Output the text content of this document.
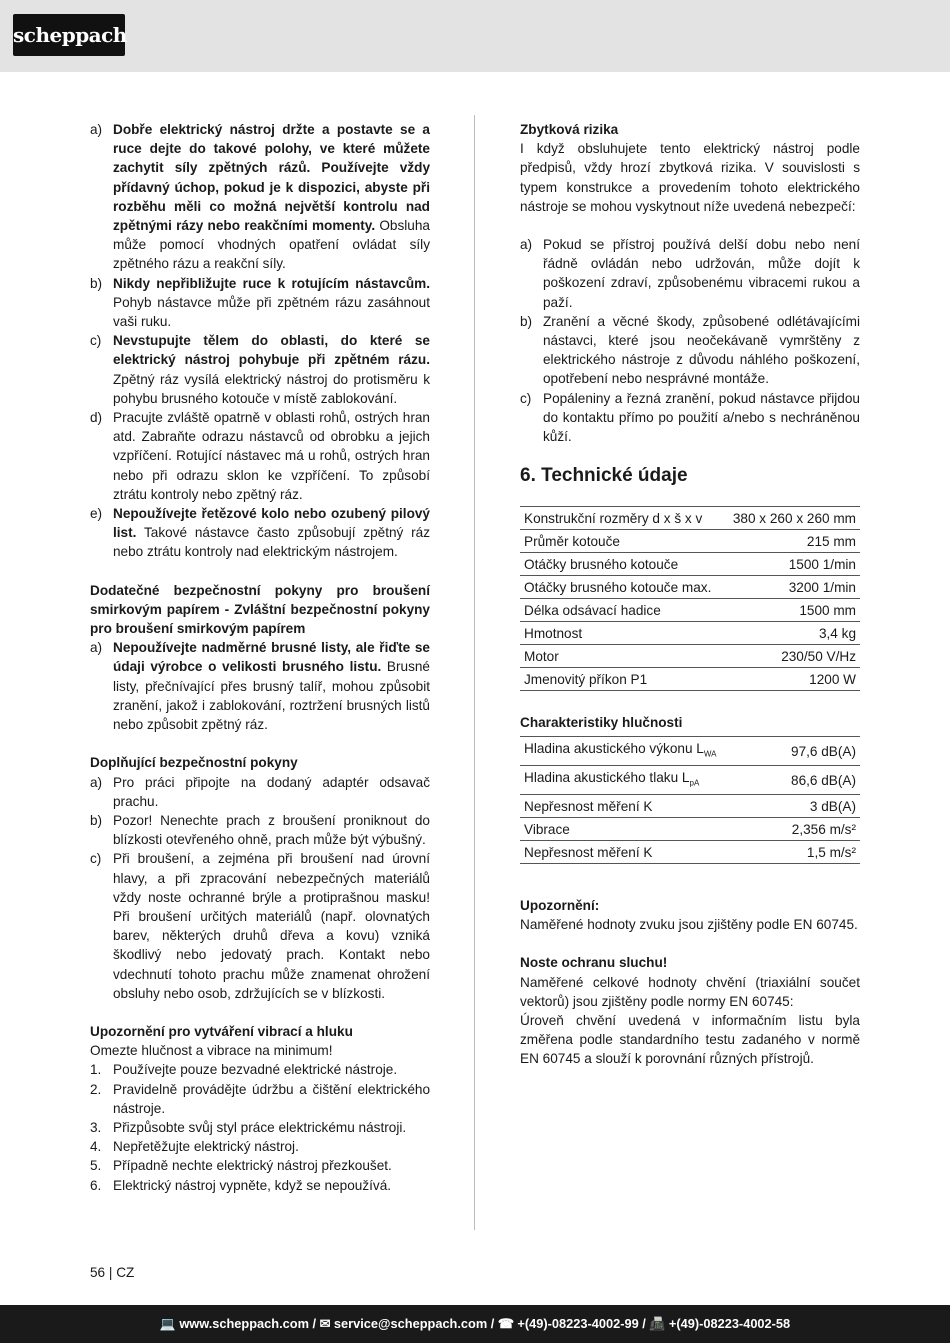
scheppach
a) Dobře elektrický nástroj držte a postavte se a ruce dejte do takové polohy, ve které můžete zachytit síly zpětných rázů. Používejte vždy přídavný úchop, pokud je k dispozici, abyste při rozběhu měli co možná největší kontrolu nad zpětnými rázy nebo reakčními momenty. Obsluha může pomocí vhodných opatření ovládat síly zpětného rázu a reakční síly.
b) Nikdy nepřibližujte ruce k rotujícím nástavcům. Pohyb nástavce může při zpětném rázu zasáhnout vaši ruku.
c) Nevstupujte tělem do oblasti, do které se elektrický nástroj pohybuje při zpětném rázu. Zpětný ráz vysílá elektrický nástroj do protisměru k pohybu brusného kotouče v místě zablokování.
d) Pracujte zvláště opatrně v oblasti rohů, ostrých hran atd. Zabraňte odrazu nástavců od obrobku a jejich vzpříčení. Rotující nástavec má u rohů, ostrých hran nebo při odrazu sklon ke vzpříčení. To způsobí ztrátu kontroly nebo zpětný ráz.
e) Nepoužívejte řetězové kolo nebo ozubený pilový list. Takové nástavce často způsobují zpětný ráz nebo ztrátu kontroly nad elektrickým nástrojem.
Dodatečné bezpečnostní pokyny pro broušení smirkovým papírem - Zvláštní bezpečnostní pokyny pro broušení smirkovým papírem
a) Nepoužívejte nadměrné brusné listy, ale řiďte se údaji výrobce o velikosti brusného listu. Brusné listy, přečnívající přes brusný talíř, mohou způsobit zranění, jakož i zablokování, roztržení brusných listů nebo způsobit zpětný ráz.
Doplňující bezpečnostní pokyny
a) Pro práci připojte na dodaný adaptér odsavač prachu.
b) Pozor! Nenechte prach z broušení proniknout do blízkosti otevřeného ohně, prach může být výbušný.
c) Při broušení, a zejména při broušení nad úrovní hlavy, a při zpracování nebezpečných materiálů vždy noste ochranné brýle a protiprašnou masku! Při broušení určitých materiálů (např. olovnatých barev, některých druhů dřeva a kovu) vzniká škodlivý nebo jedovatý prach. Kontakt nebo vdechnutí tohoto prachu může znamenat ohrožení obsluhy nebo osob, zdržujících se v blízkosti.
Upozornění pro vytváření vibrací a hluku
Omezte hlučnost a vibrace na minimum!
1. Používejte pouze bezvadné elektrické nástroje.
2. Pravidelně provádějte údržbu a čištění elektrického nástroje.
3. Přizpůsobte svůj styl práce elektrickému nástroji.
4. Nepřetěžujte elektrický nástroj.
5. Případně nechte elektrický nástroj přezkoušet.
6. Elektrický nástroj vypněte, když se nepoužívá.
Zbytková rizika
I když obsluhujete tento elektrický nástroj podle předpisů, vždy hrozí zbytková rizika. V souvislosti s typem konstrukce a provedením tohoto elektrického nástroje se mohou vyskytnout níže uvedená nebezpečí:
a) Pokud se přístroj používá delší dobu nebo není řádně ovládán nebo udržován, může dojít k poškození zdraví, způsobenému vibracemi rukou a paží.
b) Zranění a věcné škody, způsobené odlétávajícími nástavci, které jsou neočekávaně vymrštěny z elektrického nástroje z důvodu náhlého poškození, opotřebení nebo nesprávné montáže.
c) Popáleniny a řezná zranění, pokud nástavce přijdou do kontaktu přímo po použití a/nebo s nechráněnou kůží.
6. Technické údaje
Konstrukční rozměry d x š x v	380 x 260 x 260 mm
Průměr kotouče	215 mm
Otáčky brusného kotouče	1500 1/min
Otáčky brusného kotouče max.	3200 1/min
Délka odsávací hadice	1500 mm
Hmotnost	3,4 kg
Motor	230/50 V/Hz
Jmenovitý příkon P1	1200 W
Charakteristiky hlučnosti
Hladina akustického výkonu $L_{WA}$	97,6 dB(A)
Hladina akustického tlaku $L_{pA}$	86,6 dB(A)
Nepřesnost měření K	3 dB(A)
Vibrace	2,356 m/s²
Nepřesnost měření K	1,5 m/s²
Upozornění:
Naměřené hodnoty zvuku jsou zjištěny podle EN 60745.
Noste ochranu sluchu!
Naměřené celkové hodnoty chvění (triaxiální součet vektorů) jsou zjištěny podle normy EN 60745:
Úroveň chvění uvedená v informačním listu byla změřena podle standardního testu zadaného v normě EN 60745 a slouží k porovnání různých přístrojů.
56 | CZ
💻 www.scheppach.com / ✉ service@scheppach.com / ☎ +(49)-08223-4002-99 / 📠 +(49)-08223-4002-58
